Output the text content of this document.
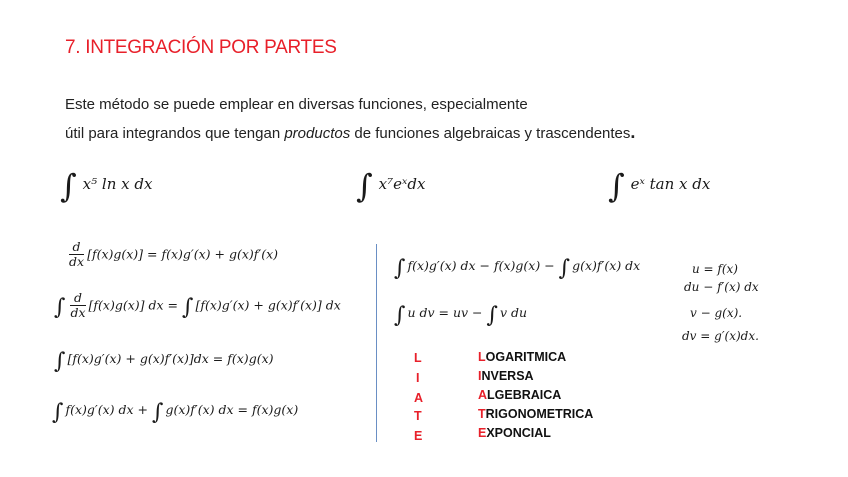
7. INTEGRACIÓN POR PARTES
Este método se puede emplear en diversas funciones, especialmente
útil para integrandos que tengan productos de funciones algebraicas y trascendentes.
∫ x⁵ ln x dx	∫ x⁷eˣdx	∫ eˣ tan x dx
$\frac{d}{dx} [f(x)g(x)] = f(x)g'(x) + g(x)f'(x)$
∫ $\frac{d}{dx} [f(x)g(x)]$ dx = ∫ [f(x)g′(x) + g(x)f′(x)] dx
∫ [f(x)g′(x) + g(x)f′(x)]dx = f(x)g(x)
∫ f(x)g′(x) dx + ∫ g(x)f′(x) dx = f(x)g(x)
∫ f(x)g′(x) dx − f(x)g(x) − ∫ g(x)f′(x) dx
∫ u dv = uv − ∫ v du
u = f(x)
du − f′(x) dx
v − g(x).
dv = g′(x)dx.
L
I
A
T
E
LOGARITMICA
INVERSA
ALGEBRAICA
TRIGONOMETRICA
EXPONCIAL
